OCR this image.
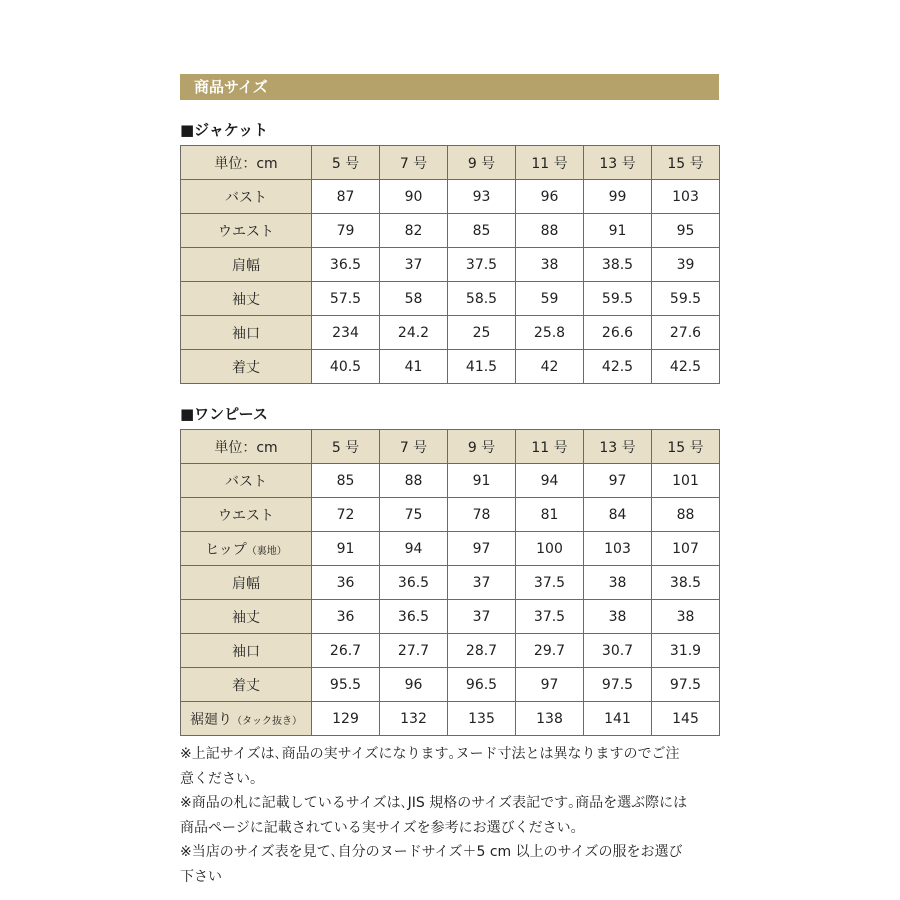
商品サイズ
■ジャケット
単位：cm	5 号	7 号	9 号	11 号	13 号	15 号
バスト	87	90	93	96	99	103
ウエスト	79	82	85	88	91	95
肩幅	36.5	37	37.5	38	38.5	39
袖丈	57.5	58	58.5	59	59.5	59.5
袖口	234	24.2	25	25.8	26.6	27.6
着丈	40.5	41	41.5	42	42.5	42.5
■ワンピース
単位：cm	5 号	7 号	9 号	11 号	13 号	15 号
バスト	85	88	91	94	97	101
ウエスト	72	75	78	81	84	88
ヒップ（裏地）	91	94	97	100	103	107
肩幅	36	36.5	37	37.5	38	38.5
袖丈	36	36.5	37	37.5	38	38
袖口	26.7	27.7	28.7	29.7	30.7	31.9
着丈	95.5	96	96.5	97	97.5	97.5
裾廻り（タック抜き）	129	132	135	138	141	145

※上記サイズは､商品の実サイズになります｡ヌード寸法とは異なりますのでご注

意ください。

※商品の札に記載しているサイズは､JIS 規格のサイズ表記です｡商品を選ぶ際には

商品ページに記載されている実サイズを参考にお選びください。

※当店のサイズ表を見て､自分のヌードサイズ＋5 cm 以上のサイズの服をお選び

下さい
